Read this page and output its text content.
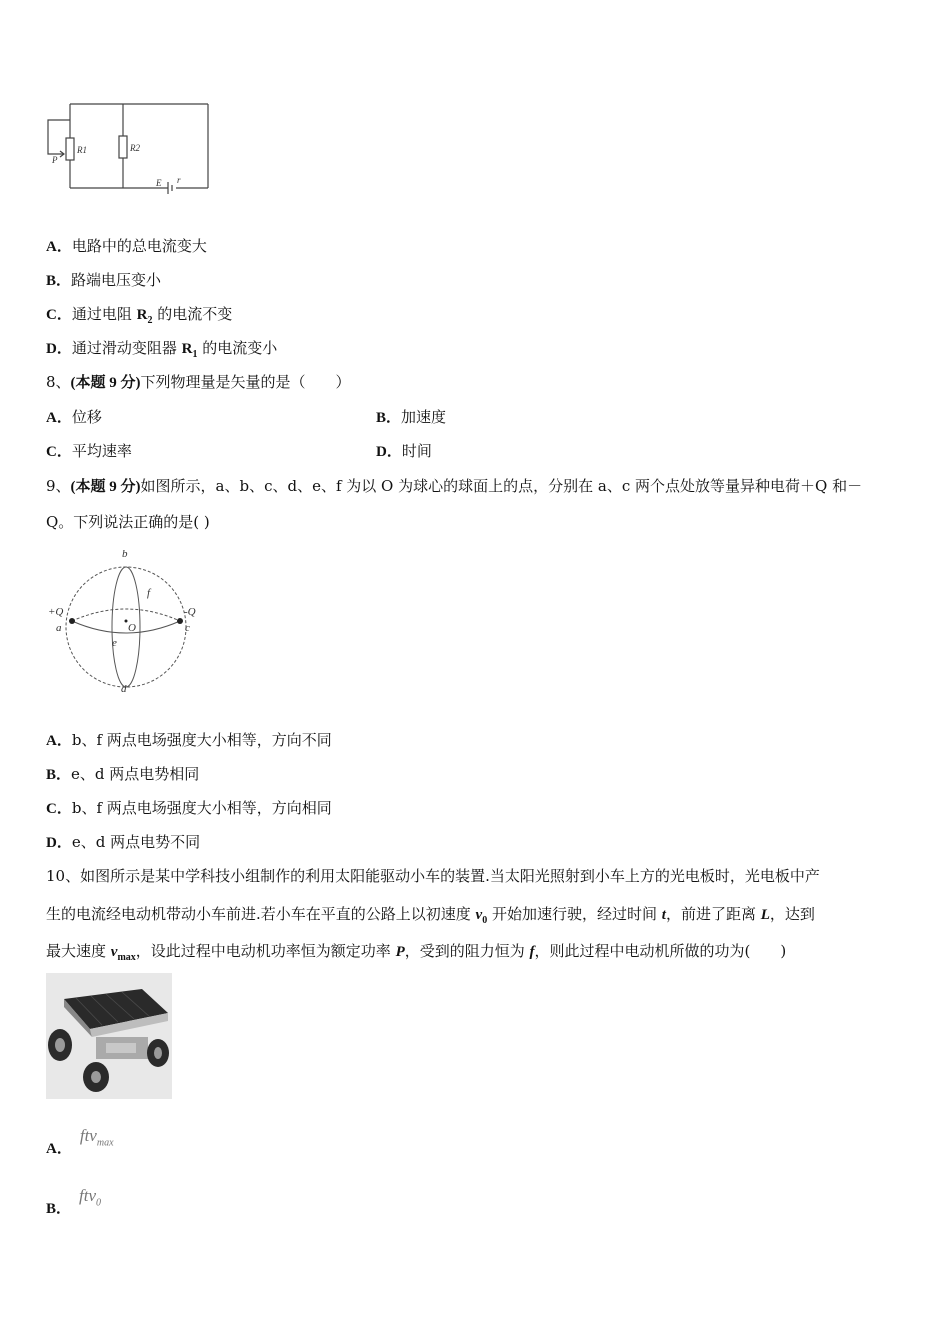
P
R1	R2
E r
A．电路中的总电流变大
B．路端电压变小
C．通过电阻 $R_2$ 的电流不变
D．通过滑动变阻器 $R_1$ 的电流变小
8、(本题 9 分)下列物理量是矢量的是（　　）
A．位移	B．加速度
C．平均速率	D．时间
9、(本题 9 分)如图所示，a、b、c、d、e、f 为以 O 为球心的球面上的点，分别在 a、c 两个点处放等量异种电荷＋Q 和－
Q。下列说法正确的是( )
b
f
+Q	-Q
a	c
O
e
d
A．b、f 两点电场强度大小相等，方向不同
B．e、d 两点电势相同
C．b、f 两点电场强度大小相等，方向相同
D．e、d 两点电势不同
10、如图所示是某中学科技小组制作的利用太阳能驱动小车的装置.当太阳光照射到小车上方的光电板时，光电板中产
生的电流经电动机带动小车前进.若小车在平直的公路上以初速度 $v_0$ 开始加速行驶，经过时间 t，前进了距离 L，达到
最大速度 $v_{max}$，设此过程中电动机功率恒为额定功率 P，受到的阻力恒为 f，则此过程中电动机所做的功为(　　)
A．ftv$_{max}$
B．ftv$_0$
